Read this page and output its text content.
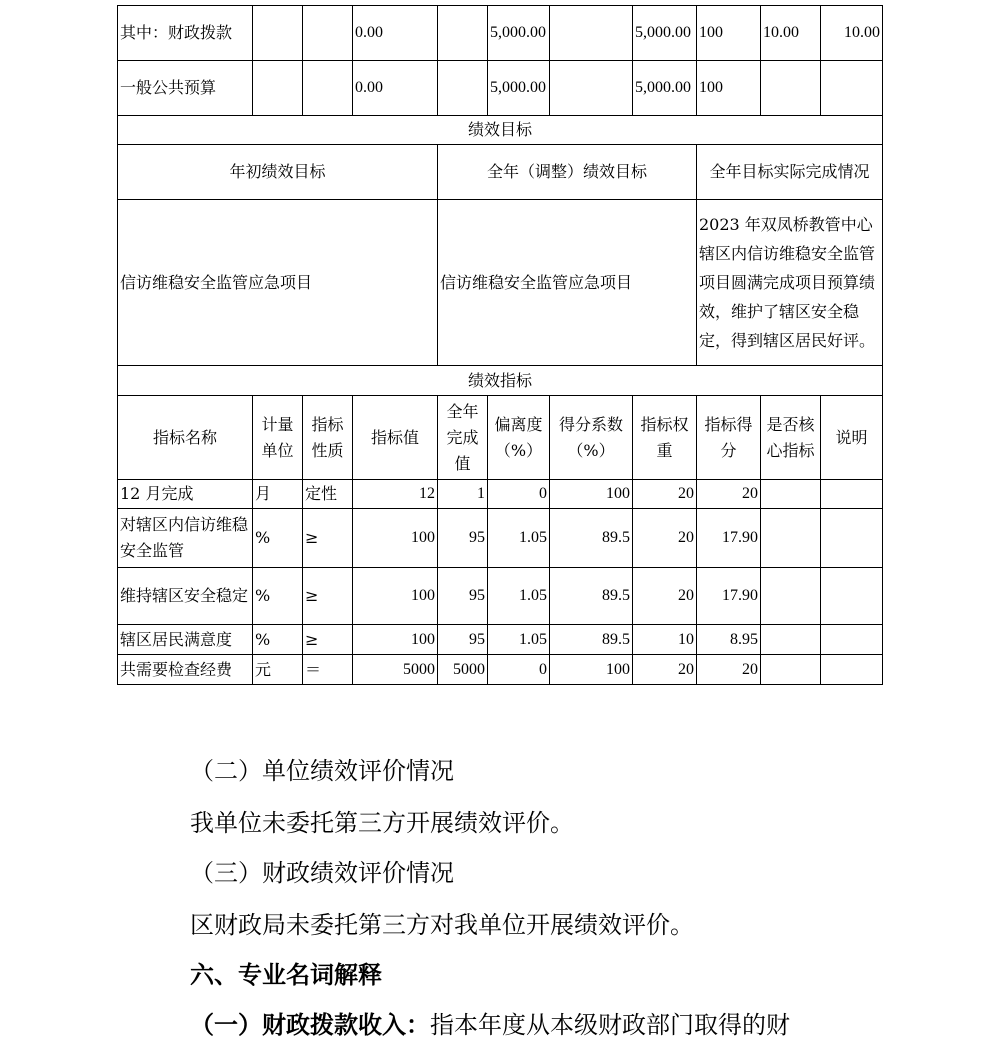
其中：财政拨款			0.00		5,000.00		5,000.00	100	10.00	10.00
一般公共预算			0.00		5,000.00		5,000.00	100		
绩效目标										
年初绩效目标				全年（调整）绩效目标				全年目标实际完成情况		
信访维稳安全监管应急项目				信访维稳安全监管应急项目				2023 年双凤桥教管中心辖区内信访维稳安全监管项目圆满完成项目预算绩效，维护了辖区安全稳定，得到辖区居民好评。		
绩效指标										
指标名称	计量单位	指标性质	指标值	全年完成值	偏离度（%）	得分系数（%）	指标权重	指标得分	是否核心指标	说明
12 月完成	月	定性	12	1	0	100	20	20		
对辖区内信访维稳安全监管	%	≥	100	95	1.05	89.5	20	17.90		
维持辖区安全稳定	%	≥	100	95	1.05	89.5	20	17.90		
辖区居民满意度	%	≥	100	95	1.05	89.5	10	8.95		
共需要检查经费	元	＝	5000	5000	0	100	20	20		
（二）单位绩效评价情况
我单位未委托第三方开展绩效评价。
（三）财政绩效评价情况
区财政局未委托第三方对我单位开展绩效评价。
六、专业名词解释
（一）财政拨款收入：指本年度从本级财政部门取得的财
